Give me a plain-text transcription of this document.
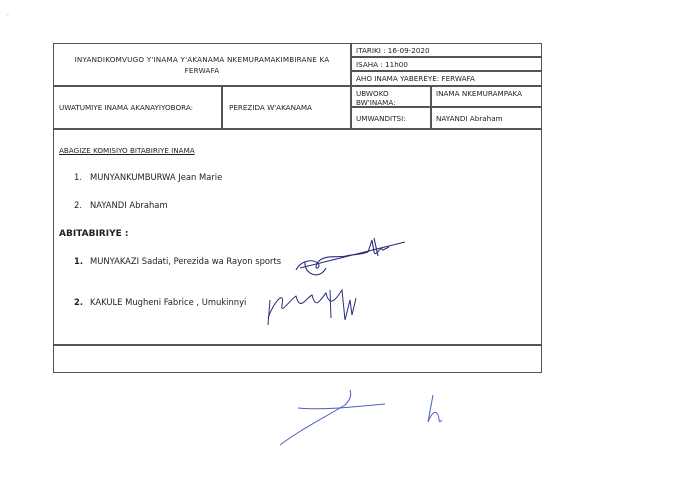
◦
INYANDIKOMVUGO Y'INAMA Y'AKANAMA NKEMURAMAKIMBIRANE KA FERWAFA
ITARIKI : 16-09-2020
ISAHA : 11h00
AHO INAMA YABEREYE: FERWAFA
UWATUMIYE INAMA AKANAYIYOBORA:	PEREZIDA W'AKANAMA
UBWOKO BW'INAMA:
INAMA NKEMURAMPAKA
UMWANDITSI:	NAYANDI Abraham
ABAGIZE KOMISIYO BITABIRIYE INAMA
1. MUNYANKUMBURWA Jean Marie
2. NAYANDI Abraham
ABITABIRIYE :
1. MUNYAKAZI Sadati, Perezida wa Rayon sports
2. KAKULE Mugheni Fabrice , Umukinnyi
